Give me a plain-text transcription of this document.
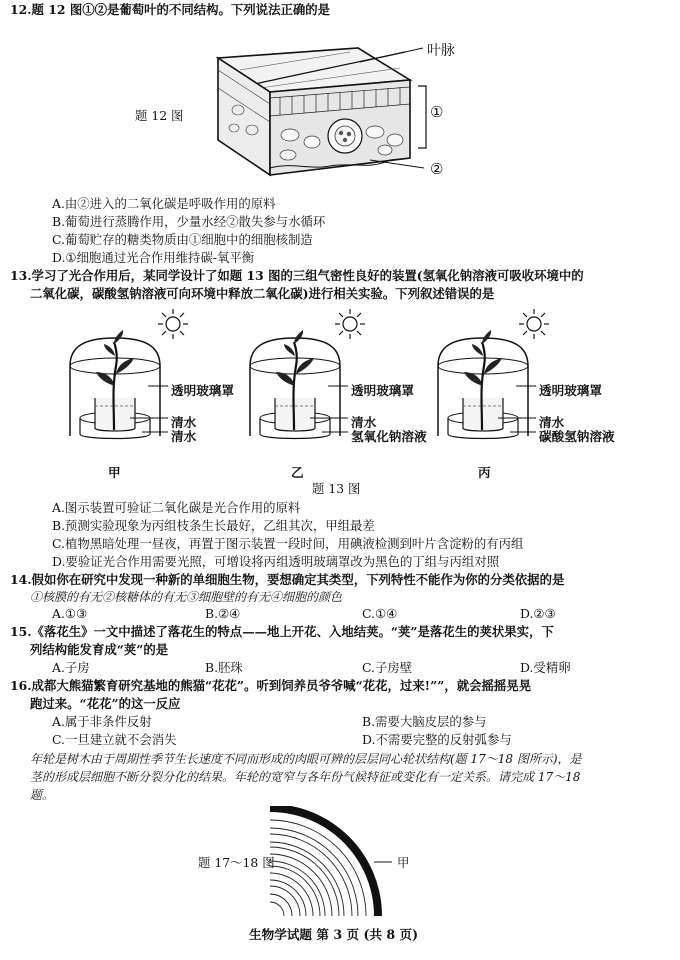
12.题 12 图①②是葡萄叶的不同结构。下列说法正确的是
叶脉
①
②
题 12 图
A.由②进入的二氧化碳是呼吸作用的原料
B.葡萄进行蒸腾作用，少量水经②散失参与水循环
C.葡萄贮存的糖类物质由①细胞中的细胞核制造
D.①细胞通过光合作用维持碳-氧平衡
13.学习了光合作用后，某同学设计了如题 13 图的三组气密性良好的装置(氢氧化钠溶液可吸收环境中的
二氧化碳，碳酸氢钠溶液可向环境中释放二氧化碳)进行相关实验。下列叙述错误的是
透明玻璃罩
清水
清水
甲
透明玻璃罩
清水
氢氧化钠溶液
乙
透明玻璃罩
清水
碳酸氢钠溶液
丙
题 13 图
A.图示装置可验证二氧化碳是光合作用的原料
B.预测实验现象为丙组枝条生长最好，乙组其次，甲组最差
C.植物黑暗处理一昼夜，再置于图示装置一段时间，用碘液检测到叶片含淀粉的有丙组
D.要验证光合作用需要光照，可增设将丙组透明玻璃罩改为黑色的丁组与丙组对照
14.假如你在研究中发现一种新的单细胞生物，要想确定其类型，下列特性不能作为你的分类依据的是
①核膜的有无②核糖体的有无③细胞壁的有无④细胞的颜色
A.①③	B.②④	C.①④	D.②③
15.《落花生》一文中描述了落花生的特点——地上开花、入地结荚。“荚”是落花生的荚状果实，下
列结构能发育成“荚”的是
A.子房	B.胚珠	C.子房壁	D.受精卵
16.成都大熊猫繁育研究基地的熊猫“花花”。听到饲养员爷爷喊“花花，过来!””，就会摇摇晃晃
跑过来。“花花”的这一反应
A.属于非条件反射	B.需要大脑皮层的参与
C.一旦建立就不会消失	D.不需要完整的反射弧参与
年轮是树木由于周期性季节生长速度不同而形成的肉眼可辨的层层同心轮状结构(题 17～18 图所示)，是
茎的形成层细胞不断分裂分化的结果。年轮的宽窄与各年份气候特征或变化有一定关系。请完成 17～18
题。
甲
题 17～18 图
生物学试题 第 3 页 (共 8 页)
